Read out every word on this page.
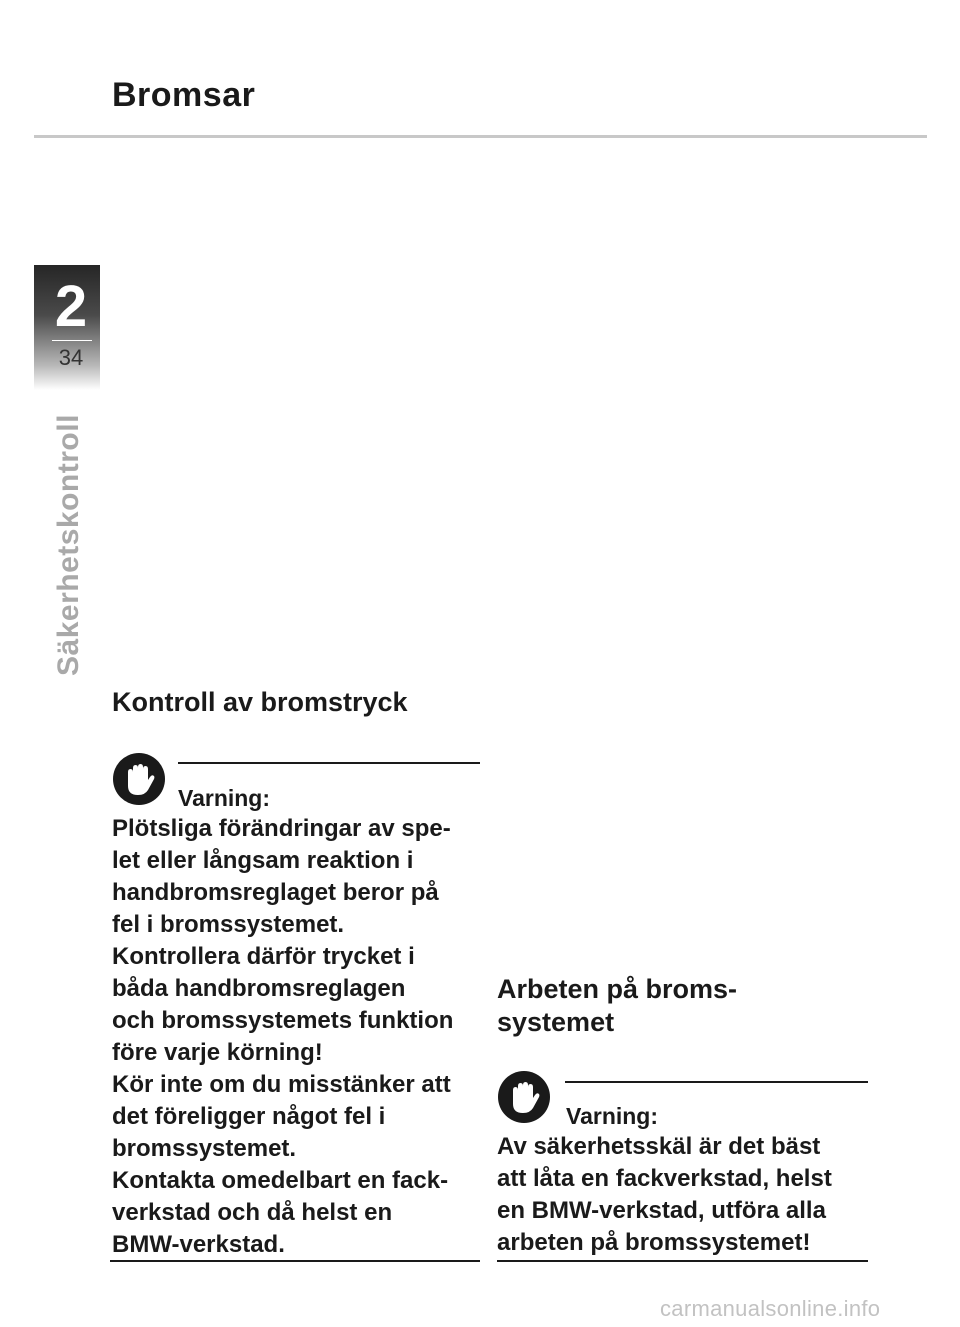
Bromsar
2
34
Säkerhetskontroll
Kontroll av bromstryck
Varning:
Plötsliga förändringar av spe-
let eller långsam reaktion i
handbromsreglaget beror på
fel i bromssystemet.
Kontrollera därför trycket i
båda handbromsreglagen
och bromssystemets funktion
före varje körning!
Kör inte om du misstänker att
det föreligger något fel i
bromssystemet.
Kontakta omedelbart en fack-
verkstad och då helst en
BMW-verkstad.
Arbeten på broms-
systemet
Varning:
Av säkerhetsskäl är det bäst
att låta en fackverkstad, helst
en BMW-verkstad, utföra alla
arbeten på bromssystemet!
carmanualsonline.info
